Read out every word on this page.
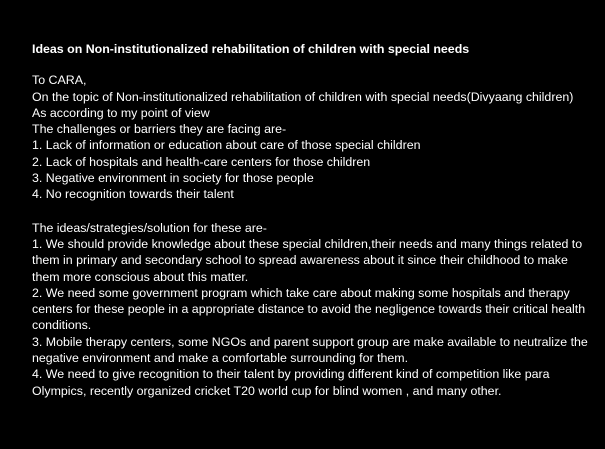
Ideas on Non-institutionalized rehabilitation of children with special needs

To CARA,

On the topic of Non-institutionalized rehabilitation of children with special needs(Divyaang children)

As according to my point of view

The challenges or barriers they are facing are-

1. Lack of information or education about care of those special children

2. Lack of hospitals and health-care centers for those children

3. Negative environment in society for those people

4. No recognition towards their talent

The ideas/strategies/solution for these are-

1. We should provide knowledge about these special children,their needs and many things related to them in primary and secondary school to spread awareness about it since their childhood to make them more conscious about this matter.

2. We need some government program which take care about making some hospitals and therapy centers for these people in a appropriate distance to avoid the negligence towards their critical health conditions.

3. Mobile therapy centers, some NGOs and parent support group are make available to neutralize the negative environment and make a comfortable surrounding for them.

4. We need to give recognition to their talent by providing different kind of competition like para Olympics, recently organized cricket T20 world cup for blind women , and many other.
